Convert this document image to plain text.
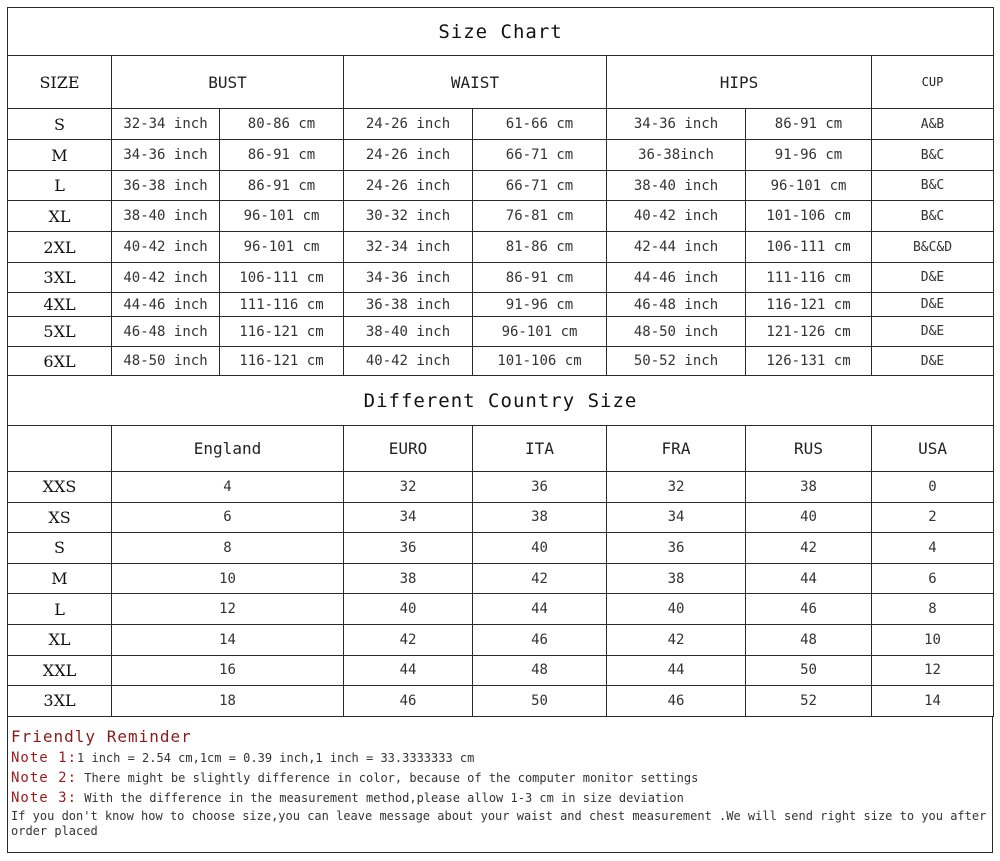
Size Chart							
SIZE	BUST		WAIST		HIPS		CUP
S	32-34 inch	80-86 cm	24-26 inch	61-66 cm	34-36 inch	86-91 cm	A&B
M	34-36 inch	86-91 cm	24-26 inch	66-71 cm	36-38inch	91-96 cm	B&C
L	36-38 inch	86-91 cm	24-26 inch	66-71 cm	38-40 inch	96-101 cm	B&C
XL	38-40 inch	96-101 cm	30-32 inch	76-81 cm	40-42 inch	101-106 cm	B&C
2XL	40-42 inch	96-101 cm	32-34 inch	81-86 cm	42-44 inch	106-111 cm	B&C&D
3XL	40-42 inch	106-111 cm	34-36 inch	86-91 cm	44-46 inch	111-116 cm	D&E
4XL	44-46 inch	111-116 cm	36-38 inch	91-96 cm	46-48 inch	116-121 cm	D&E
5XL	46-48 inch	116-121 cm	38-40 inch	96-101 cm	48-50 inch	121-126 cm	D&E
6XL	48-50 inch	116-121 cm	40-42 inch	101-106 cm	50-52 inch	126-131 cm	D&E
Different Country Size						
	England	EURO	ITA	FRA	RUS	USA
XXS	4	32	36	32	38	0
XS	6	34	38	34	40	2
S	8	36	40	36	42	4
M	10	38	42	38	44	6
L	12	40	44	40	46	8
XL	14	42	46	42	48	10
XXL	16	44	48	44	50	12
3XL	18	46	50	46	52	14
Friendly Reminder
Note 1:1 inch = 2.54 cm,1cm = 0.39 inch,1 inch = 33.3333333 cm
Note 2: There might be slightly difference in color, because of the computer monitor settings
Note 3: With the difference in the measurement method,please allow 1-3 cm in size deviation
If you don't know how to choose size,you can leave message about your waist and chest measurement .We will send right size to you after order placed
